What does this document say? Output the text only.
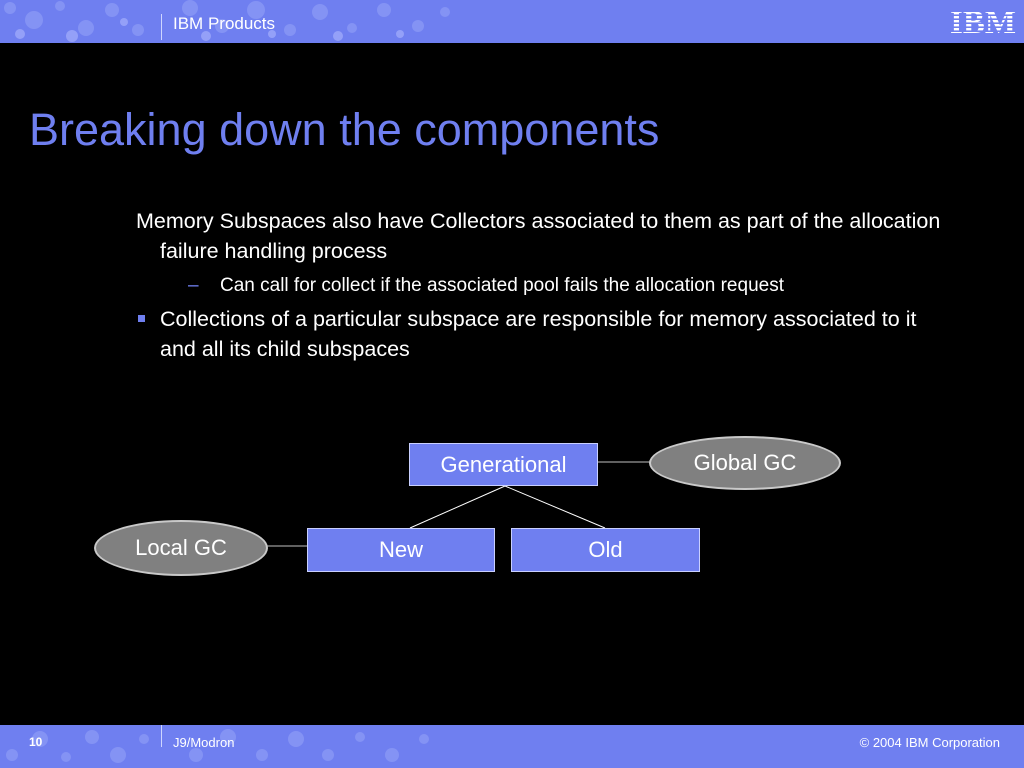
IBM Products	IBM
Breaking down the components
Memory Subspaces also have Collectors associated to them as part of the allocation failure handling process
– Can call for collect if the associated pool fails the allocation request
Collections of a particular subspace are responsible for memory associated to it and all its child subspaces
Generational
New	Old
Global GC
Local GC
10	J9/Modron	© 2004 IBM Corporation
